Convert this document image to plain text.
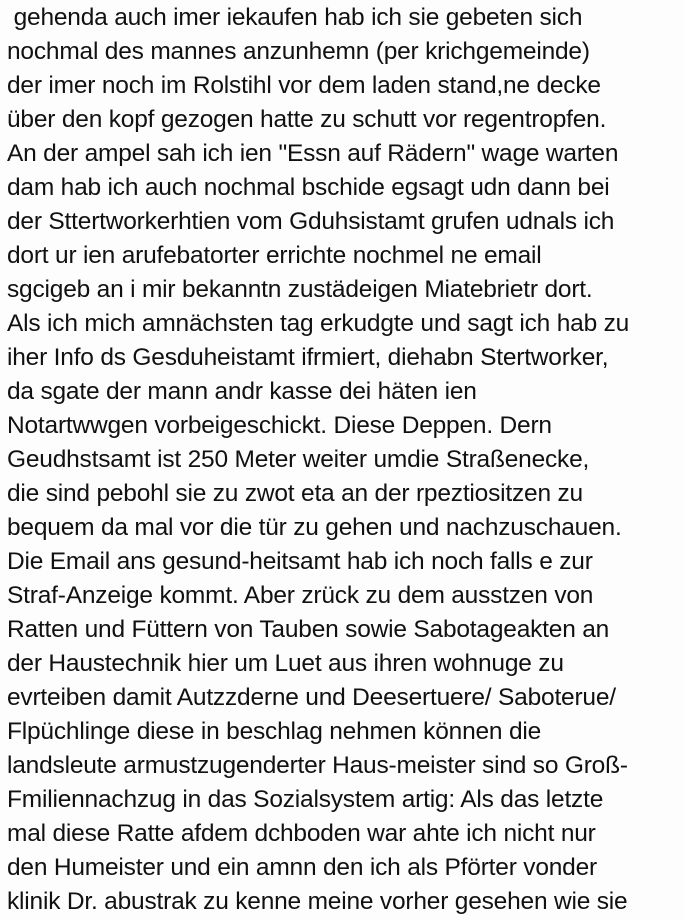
gehenda auch imer iekaufen hab ich sie gebeten sich
nochmal des mannes anzunhemn (per krichgemeinde)
der imer noch im Rolstihl vor dem laden stand,ne decke
über den kopf gezogen hatte zu schutt vor regentropfen.
An der ampel sah ich ien "Essn auf Rädern" wage warten
dam hab ich auch nochmal bschide egsagt udn dann bei
der Sttertworkerhtien vom Gduhsistamt grufen udnals ich
dort ur ien arufebatorter errichte nochmel ne email
sgcigeb an i mir bekanntn zustädeigen Miatebrietr dort.
Als ich mich amnächsten tag erkudgte und sagt ich hab zu
iher Info ds Gesduheistamt ifrmiert, diehabn Stertworker,
da sgate der mann andr kasse dei häten ien
Notartwwgen vorbeigeschickt. Diese Deppen. Dern
Geudhstsamt ist 250 Meter weiter umdie Straßenecke,
die sind pebohl sie zu zwot eta an der rpeztiositzen zu
bequem da mal vor die tür zu gehen und nachzuschauen.
Die Email ans gesund-heitsamt hab ich noch falls e zur
Straf-Anzeige kommt. Aber zrück zu dem ausstzen von
Ratten und Füttern von Tauben sowie Sabotageakten an
der Haustechnik hier um Luet aus ihren wohnuge zu
evrteiben damit Autzzderne und Deesertuere/ Saboterue/
Flpüchlinge diese in beschlag nehmen können die
landsleute armustzugenderter Haus-meister sind so Groß-
Fmiliennachzug in das Sozialsystem artig: Als das letzte
mal diese Ratte afdem dchboden war ahte ich nicht nur
den Humeister und ein amnn den ich als Pförter vonder
klinik Dr. abustrak zu kenne meine vorher gesehen wie sie
